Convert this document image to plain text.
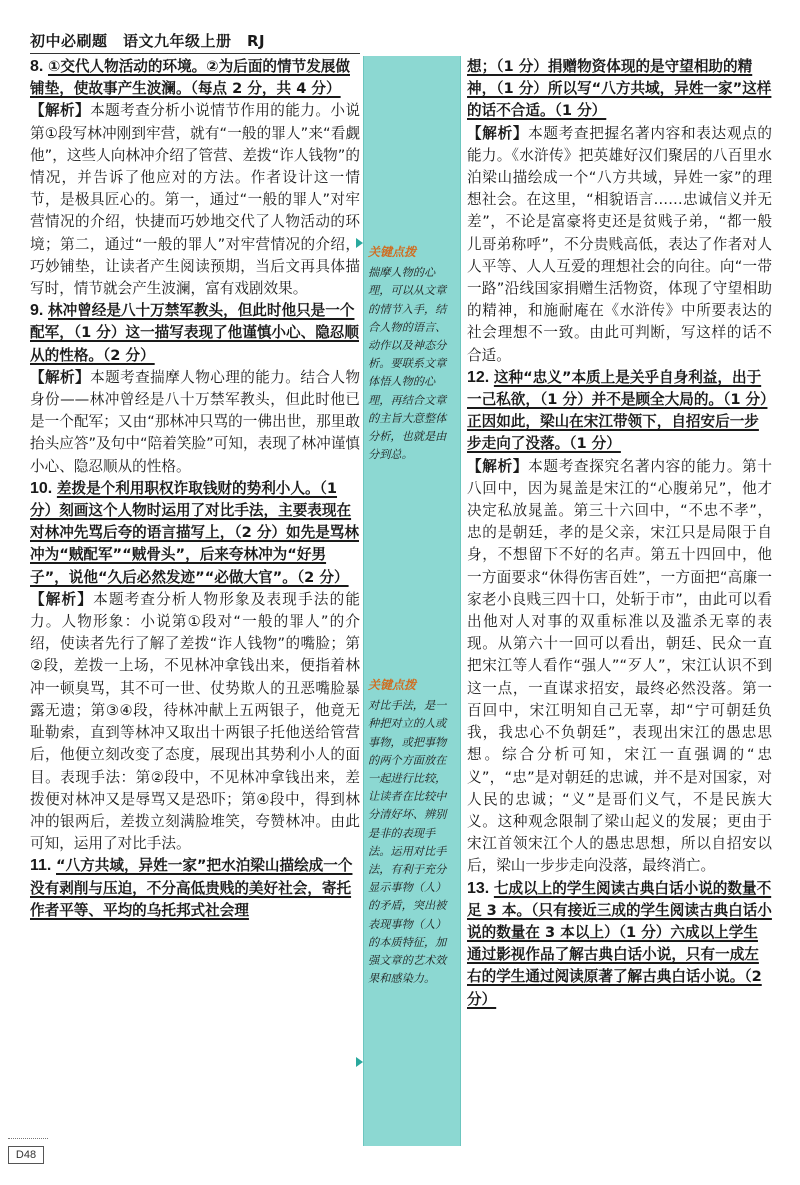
初中必刷题　语文九年级上册　RJ
关键点拨
揣摩人物的心理，可以从文章的情节入手，结合人物的语言、动作以及神态分析。要联系文章体悟人物的心理，再结合文章的主旨大意整体分析，也就是由分到总。
关键点拨
对比手法，是一种把对立的人或事物，或把事物的两个方面放在一起进行比较，让读者在比较中分清好坏、辨别是非的表现手法。运用对比手法，有利于充分显示事物（人）的矛盾，突出被表现事物（人）的本质特征，加强文章的艺术效果和感染力。

8. ①交代人物活动的环境。②为后面的情节发展做铺垫，使故事产生波澜。（每点 2 分，共 4 分）

【解析】本题考查分析小说情节作用的能力。小说第①段写林冲刚到牢营，就有“一般的罪人”来“看觑他”，这些人向林冲介绍了管营、差拨“诈人钱物”的情况，并告诉了他应对的方法。作者设计这一情节，是极具匠心的。第一，通过“一般的罪人”对牢营情况的介绍，快捷而巧妙地交代了人物活动的环境；第二，通过“一般的罪人”对牢营情况的介绍，巧妙铺垫，让读者产生阅读预期，当后文再具体描写时，情节就会产生波澜，富有戏剧效果。

9. 林冲曾经是八十万禁军教头，但此时他只是一个配军，（1 分）这一描写表现了他谨慎小心、隐忍顺从的性格。（2 分）

【解析】本题考查揣摩人物心理的能力。结合人物身份——林冲曾经是八十万禁军教头，但此时他已是一个配军；又由“那林冲只骂的一佛出世，那里敢抬头应答”及句中“陪着笑脸”可知，表现了林冲谨慎小心、隐忍顺从的性格。

10. 差拨是个利用职权诈取钱财的势利小人。（1 分）刻画这个人物时运用了对比手法，主要表现在对林冲先骂后夸的语言描写上，（2 分）如先是骂林冲为“贼配军”“贼骨头”，后来夸林冲为“好男子”，说他“久后必然发迹”“必做大官”。（2 分）

【解析】本题考查分析人物形象及表现手法的能力。人物形象：小说第①段对“一般的罪人”的介绍，使读者先行了解了差拨“诈人钱物”的嘴脸；第②段，差拨一上场，不见林冲拿钱出来，便指着林冲一顿臭骂，其不可一世、仗势欺人的丑恶嘴脸暴露无遗；第③④段，待林冲献上五两银子，他竟无耻勒索，直到等林冲又取出十两银子托他送给管营后，他便立刻改变了态度，展现出其势利小人的面目。表现手法：第②段中，不见林冲拿钱出来，差拨便对林冲又是辱骂又是恐吓；第④段中，得到林冲的银两后，差拨立刻满脸堆笑，夸赞林冲。由此可知，运用了对比手法。

11. “八方共域，异姓一家”把水泊梁山描绘成一个没有剥削与压迫，不分高低贵贱的美好社会，寄托作者平等、平均的乌托邦式社会理

想；（1 分）捐赠物资体现的是守望相助的精神，（1 分）所以写“八方共域，异姓一家”这样的话不合适。（1 分）

【解析】本题考查把握名著内容和表达观点的能力。《水浒传》把英雄好汉们聚居的八百里水泊梁山描绘成一个“八方共域，异姓一家”的理想社会。在这里，“相貌语言……忠诚信义并无差”，不论是富豪将吏还是贫贱子弟，“都一般儿哥弟称呼”，不分贵贱高低，表达了作者对人人平等、人人互爱的理想社会的向往。向“一带一路”沿线国家捐赠生活物资，体现了守望相助的精神，和施耐庵在《水浒传》中所要表达的社会理想不一致。由此可判断，写这样的话不合适。

12. 这种“忠义”本质上是关乎自身利益，出于一己私欲，（1 分）并不是顾全大局的。（1 分）正因如此，梁山在宋江带领下，自招安后一步步走向了没落。（1 分）

【解析】本题考查探究名著内容的能力。第十八回中，因为晁盖是宋江的“心腹弟兄”，他才决定私放晁盖。第三十六回中，“不忠不孝”，忠的是朝廷，孝的是父亲，宋江只是局限于自身，不想留下不好的名声。第五十四回中，他一方面要求“休得伤害百姓”，一方面把“高廉一家老小良贱三四十口，处斩于市”，由此可以看出他对人对事的双重标准以及滥杀无辜的表现。从第六十一回可以看出，朝廷、民众一直把宋江等人看作“强人”“歹人”，宋江认识不到这一点，一直谋求招安，最终必然没落。第一百回中，宋江明知自己无辜，却“宁可朝廷负我，我忠心不负朝廷”，表现出宋江的愚忠思想。综合分析可知，宋江一直强调的“忠义”，“忠”是对朝廷的忠诚，并不是对国家，对人民的忠诚；“义”是哥们义气，不是民族大义。这种观念限制了梁山起义的发展；更由于宋江首领宋江个人的愚忠思想，所以自招安以后，梁山一步步走向没落，最终消亡。

13. 七成以上的学生阅读古典白话小说的数量不足 3 本。（只有接近三成的学生阅读古典白话小说的数量在 3 本以上）（1 分）六成以上学生通过影视作品了解古典白话小说，只有一成左右的学生通过阅读原著了解古典白话小说。（2 分）

D48
